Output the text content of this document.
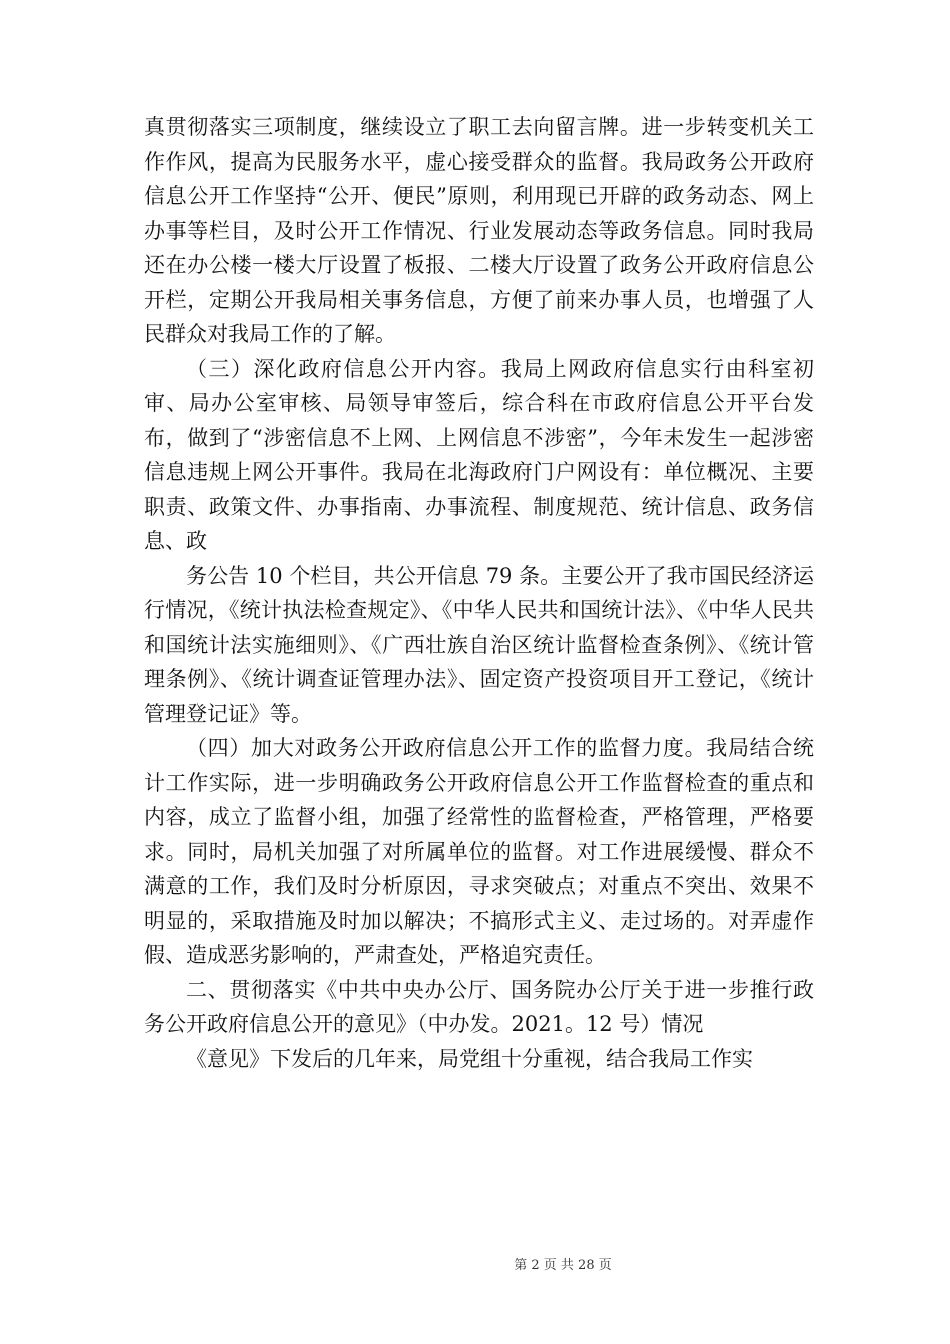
真贯彻落实三项制度，继续设立了职工去向留言牌。进一步转变机关工作作风，提高为民服务水平，虚心接受群众的监督。我局政务公开政府信息公开工作坚持“公开、便民”原则，利用现已开辟的政务动态、网上办事等栏目，及时公开工作情况、行业发展动态等政务信息。同时我局还在办公楼一楼大厅设置了板报、二楼大厅设置了政务公开政府信息公开栏，定期公开我局相关事务信息，方便了前来办事人员，也增强了人民群众对我局工作的了解。

（三）深化政府信息公开内容。我局上网政府信息实行由科室初审、局办公室审核、局领导审签后，综合科在市政府信息公开平台发布，做到了“涉密信息不上网、上网信息不涉密”，今年未发生一起涉密信息违规上网公开事件。我局在北海政府门户网设有：单位概况、主要职责、政策文件、办事指南、办事流程、制度规范、统计信息、政务信息、政

务公告 10 个栏目，共公开信息 79 条。主要公开了我市国民经济运行情况，《统计执法检查规定》、《中华人民共和国统计法》、《中华人民共和国统计法实施细则》、《广西壮族自治区统计监督检查条例》、《统计管理条例》、《统计调查证管理办法》、固定资产投资项目开工登记，《统计管理登记证》等。

（四）加大对政务公开政府信息公开工作的监督力度。我局结合统计工作实际，进一步明确政务公开政府信息公开工作监督检查的重点和内容，成立了监督小组，加强了经常性的监督检查，严格管理，严格要求。同时，局机关加强了对所属单位的监督。对工作进展缓慢、群众不满意的工作，我们及时分析原因，寻求突破点；对重点不突出、效果不明显的，采取措施及时加以解决；不搞形式主义、走过场的。对弄虚作假、造成恶劣影响的，严肃查处，严格追究责任。

二、贯彻落实《中共中央办公厅、国务院办公厅关于进一步推行政务公开政府信息公开的意见》（中办发。2021。12 号）情况

《意见》下发后的几年来，局党组十分重视，结合我局工作实

第 2 页 共 28 页
